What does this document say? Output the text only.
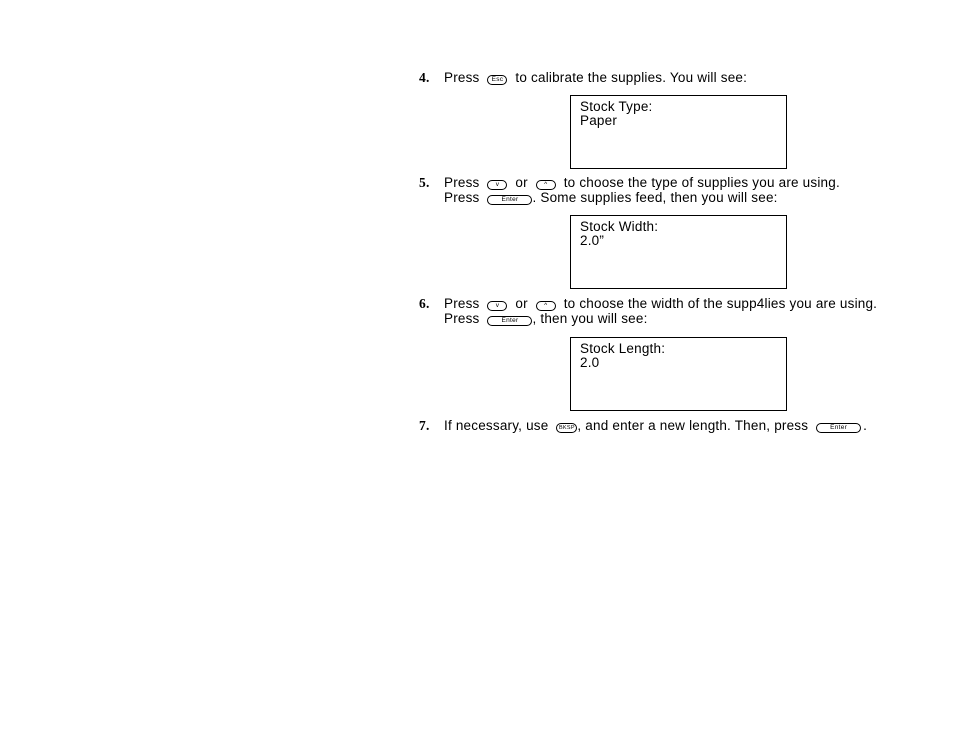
4. Press Esc to calibrate the supplies. You will see:
Stock Type:
Paper
5. Press v or	^ to choose the type of supplies you are using.
Press	Enter . Some supplies feed, then you will see:
Stock Width:
2.0”
6. Press v or	^ to choose the width of the supp4lies you are using.
Press	Enter , then you will see:
Stock Length:
2.0
7. If necessary, use BKSP , and enter a new length. Then, press	Enter .
